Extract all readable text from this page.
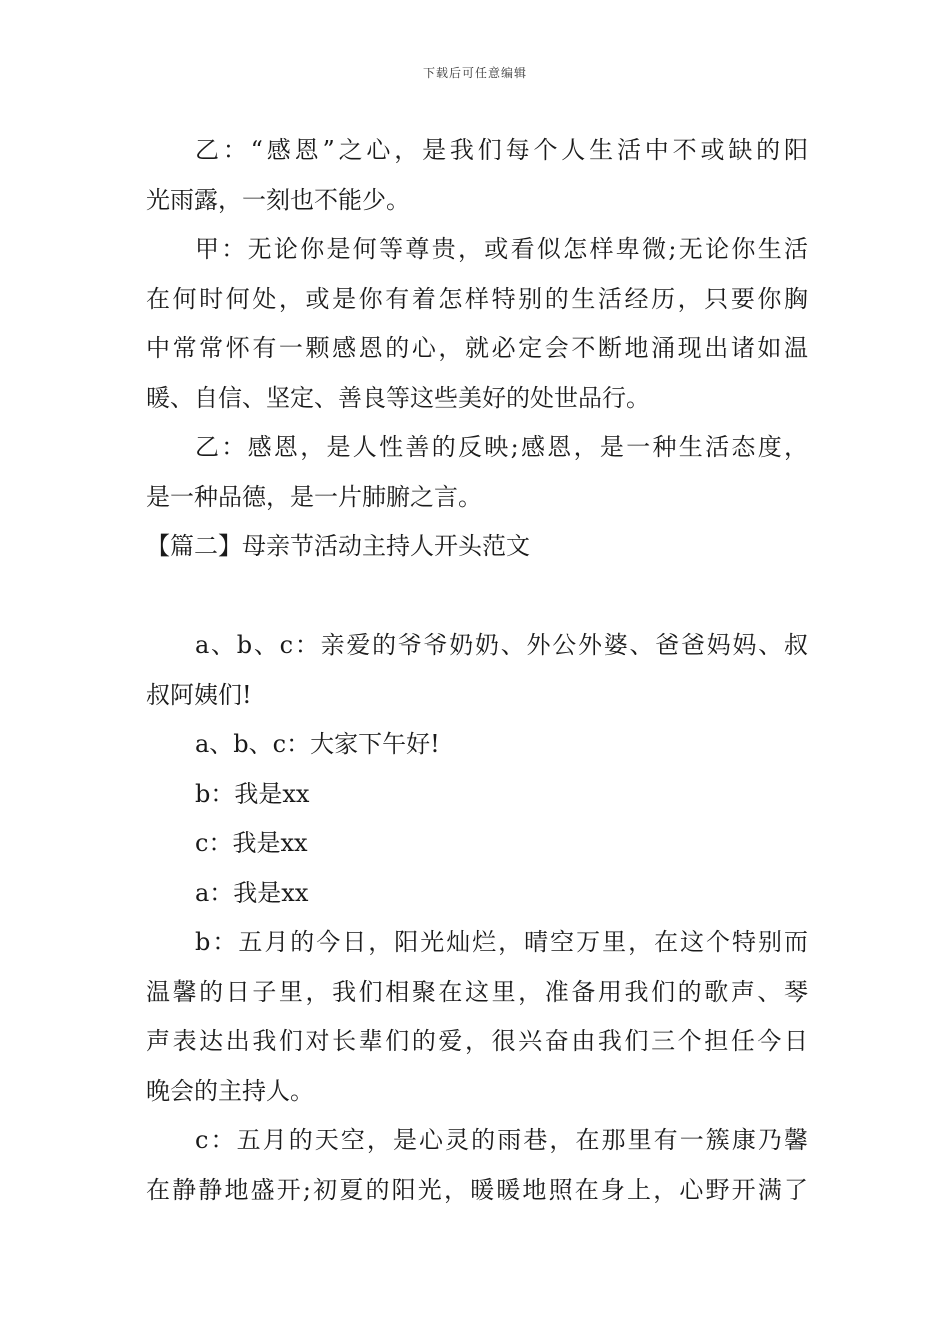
下载后可任意编辑
乙：“感恩”之心，是我们每个人生活中不或缺的阳
光雨露，一刻也不能少。
甲：无论你是何等尊贵，或看似怎样卑微;无论你生活
在何时何处，或是你有着怎样特别的生活经历，只要你胸
中常常怀有一颗感恩的心，就必定会不断地涌现出诸如温
暖、自信、坚定、善良等这些美好的处世品行。
乙：感恩，是人性善的反映;感恩，是一种生活态度，
是一种品德，是一片肺腑之言。
【篇二】母亲节活动主持人开头范文
a、b、c：亲爱的爷爷奶奶、外公外婆、爸爸妈妈、叔
叔阿姨们!
a、b、c：大家下午好!
b：我是xx
c：我是xx
a：我是xx
b：五月的今日，阳光灿烂，晴空万里，在这个特别而
温馨的日子里，我们相聚在这里，准备用我们的歌声、琴
声表达出我们对长辈们的爱，很兴奋由我们三个担任今日
晚会的主持人。
c：五月的天空，是心灵的雨巷，在那里有一簇康乃馨
在静静地盛开;初夏的阳光，暖暖地照在身上，心野开满了
